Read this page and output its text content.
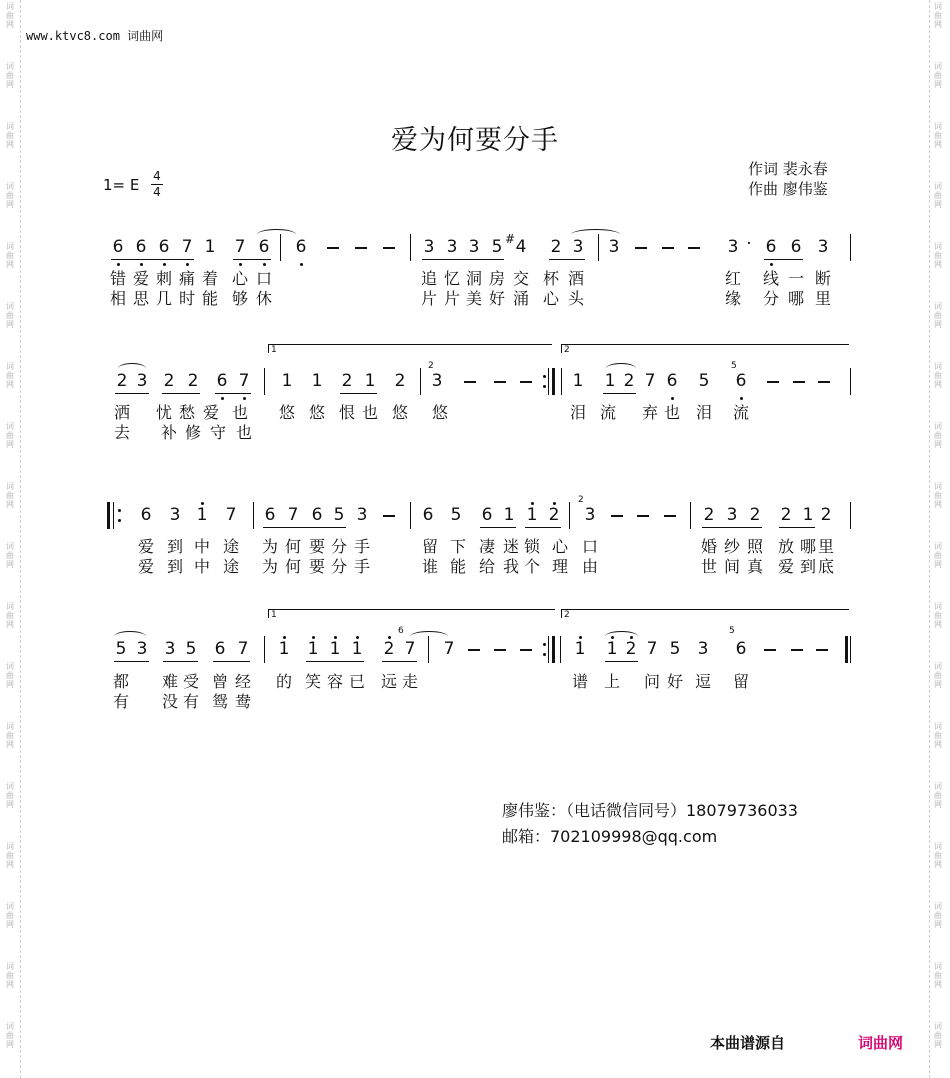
词
曲
网
词
曲
网
词
曲
网
词
曲
网
词
曲
网
词
曲
网
词
曲
网
词
曲
网
词
曲
网
词
曲
网
词
曲
网
词
曲
网
词
曲
网
词
曲
网
词
曲
网
词
曲
网
词
曲
网
词
曲
网
词
曲
网
词
曲
网
词
曲
网
词
曲
网
词
曲
网
词
曲
网
词
曲
网
词
曲
网
词
曲
网
词
曲
网
词
曲
网
词
曲
网
词
曲
网
词
曲
网
词
曲
网
词
曲
网
词
曲
网
词
曲
网
www.ktvc8.com 词曲网
爱为何要分手
1= E 4
4
作词 裴永春
作曲 廖伟鉴
6 6 6 7 1 7 6 6	3 3 3 5 4 2 3 3	3 · 6 6 3
#
错 爱 刺 痛 着 心 口	追 忆 洞 房 交 杯 酒	红 线 一 断
相 思 几 时 能 够 休	片 片 美 好 涌 心 头	缘 分 哪 里
2 3 2 2 6 7 1 1 2 1 2 3	1 1 2 7 6 5 6
2	5
1	2
洒 忧 愁 爱 也 悠 悠 恨 也 悠 悠	泪 流 弃 也 泪 流
去 补 修 守 也
6 3 1 7 6 7 6 5 3	6 5 6 1 1 2 3	2 3 2 2 1 2
2
爱 到 中 途 为 何 要 分 手	留 下 凄 迷 锁 心 口	婚 纱 照 放 哪 里
爱 到 中 途 为 何 要 分 手	谁 能 给 我 个 理 由	世 间 真 爱 到 底
5 3 3 5 6 7 1 1 1 1 2 7 7	1 1 2 7 5 3 6
6	5
1	2
都 难 受 曾 经 的 笑 容 已 远 走	谱 上 问 好 逗 留
有 没 有 鸳 鸯
廖伟鉴：（电话微信同号）18079736033
邮箱：702109998@qq.com
本曲谱源自	词曲网
